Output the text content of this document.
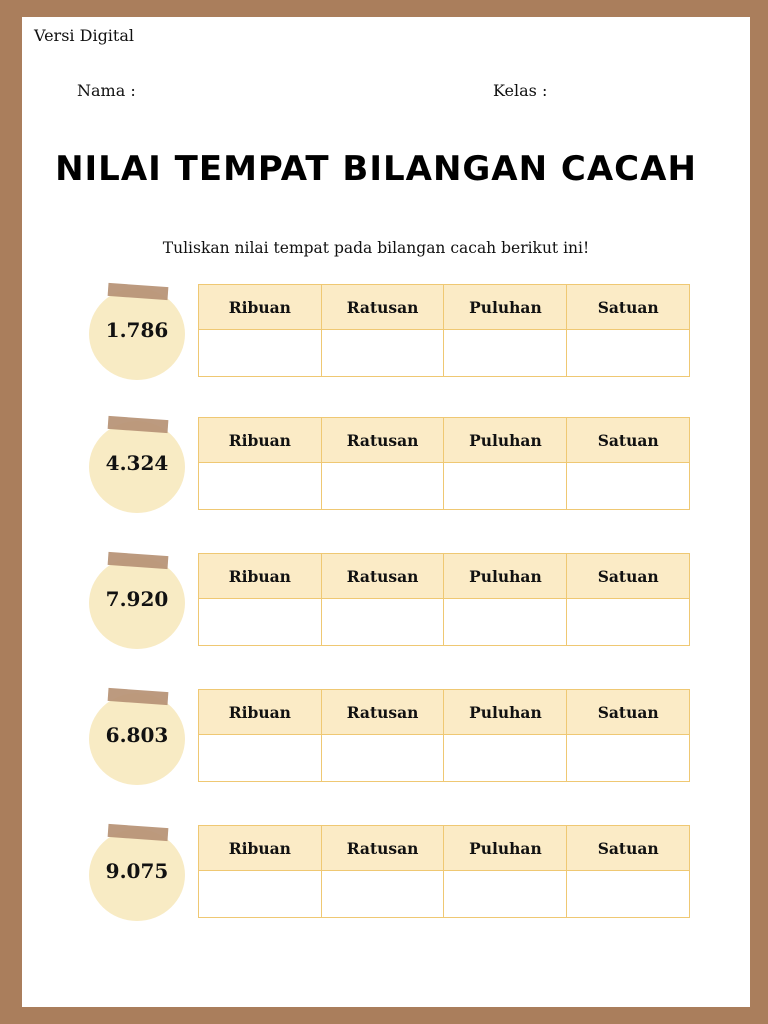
Versi Digital
Nama :	Kelas :
NILAI TEMPAT BILANGAN CACAH
Tuliskan nilai tempat pada bilangan cacah berikut ini!
1.786
Ribuan	Ratusan	Puluhan	Satuan

4.324
Ribuan	Ratusan	Puluhan	Satuan

7.920
Ribuan	Ratusan	Puluhan	Satuan

6.803
Ribuan	Ratusan	Puluhan	Satuan

9.075
Ribuan	Ratusan	Puluhan	Satuan
